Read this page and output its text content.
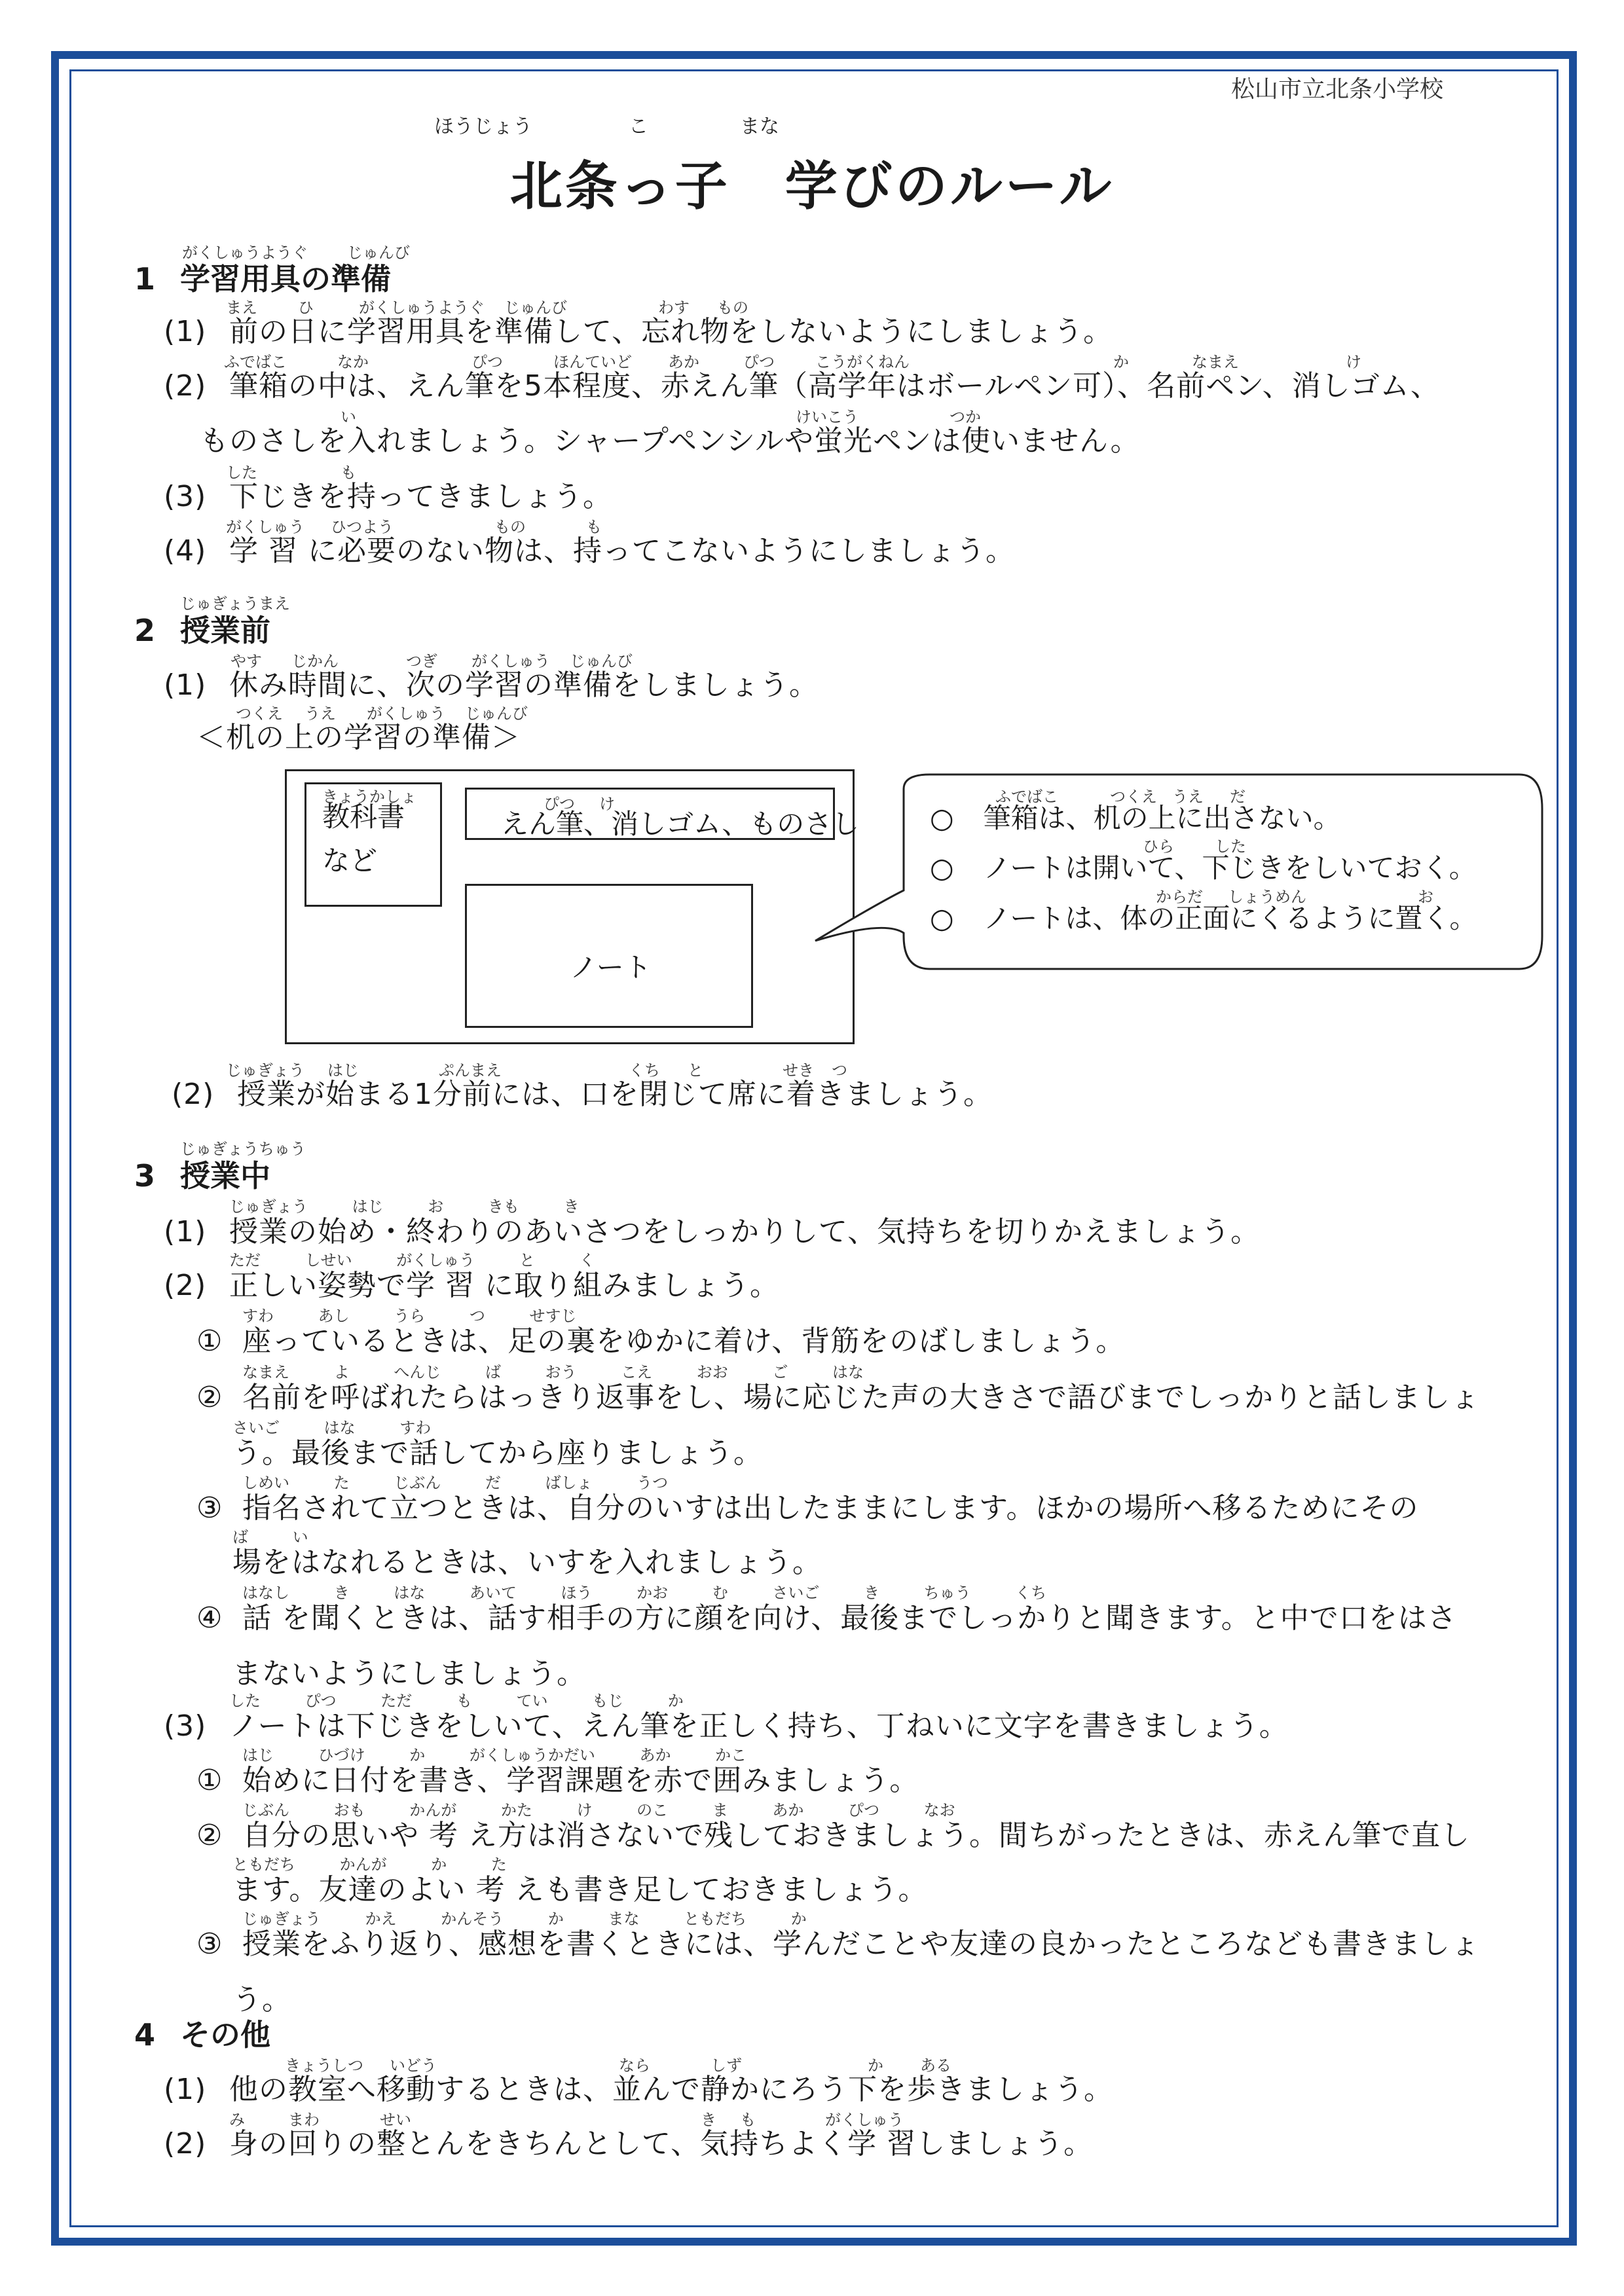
松山市立北条小学校
ほうじょう	こ	まな
北条っ子　学びのルール
がくしゅうようぐ	じゅんび
1 学習用具の準備
まえ	ひ	がくしゅうようぐ じゅんび	わす もの
(1) 前の日に学習用具を準備して、忘れ物をしないようにしましょう。
ふでばこ	なか	ぴつ	ほんていど あか	ぴつ	こうがくねん	か	なまえ	け
(2) 筆箱の中は、えん筆を5本程度、赤えん筆（高学年はボールペン可）、名前ペン、消しゴム、
い	けいこう	つか
ものさしを入れましょう。シャープペンシルや蛍光ペンは使いません。
した	も
(3) 下じきを持ってきましょう。
がくしゅう ひつよう	もの	も
(4) 学 習 に必要のない物は、持ってこないようにしましょう。
じゅぎょうまえ
2 授業前
やす じかん	つぎ がくしゅう じゅんび
(1) 休み時間に、次の学習の準備をしましょう。
つくえ うえ がくしゅう じゅんび
＜机の上の学習の準備＞
きょうかしょ
教科書
など
ぴつ け
えん筆、消しゴム、ものさし
ノート
ふでばこ	つくえ うえ だ
○ 筆箱は、机の上に出さない。
ひら	した
○ ノートは開いて、下じきをしいておく。
からだ しょうめん	お
○ ノートは、体の正面にくるように置く。
じゅぎょう はじ	ぷんまえ	くち と	せき つ
(2) 授業が始まる1分前には、口を閉じて席に着きましょう。
じゅぎょうちゅう
3 授業中
じゅぎょう はじ お きも き
(1) 授業の始め・終わりのあいさつをしっかりして、気持ちを切りかえましょう。
ただ しせい がくしゅう と く
(2) 正しい姿勢で学 習 に取り組みましょう。
すわ あし うら つ せすじ
① 座っているときは、足の裏をゆかに着け、背筋をのばしましょう。
なまえ よ へんじ ば おう こえ おお ご はな
② 名前を呼ばれたらはっきり返事をし、場に応じた声の大きさで語びまでしっかりと話しましょ
さいご はな すわ
う。最後まで話してから座りましょう。
しめい た じぶん だ ばしょ うつ
③ 指名されて立つときは、自分のいすは出したままにします。ほかの場所へ移るためにその
ば い
場をはなれるときは、いすを入れましょう。
はなし き はな あいて ほう かお む さいご き ちゅう くち
④ 話 を聞くときは、話す相手の方に顔を向け、最後までしっかりと聞きます。と中で口をはさ
まないようにしましょう。
した ぴつ ただ も てい もじ か
(3) ノートは下じきをしいて、えん筆を正しく持ち、丁ねいに文字を書きましょう。
はじ ひづけ か がくしゅうかだい あか かこ
① 始めに日付を書き、学習課題を赤で囲みましょう。
じぶん おも かんが かた け のこ ま あか ぴつ なお
② 自分の思いや 考 え方は消さないで残しておきましょう。間ちがったときは、赤えん筆で直し
ともだち かんが か た
ます。友達のよい 考 えも書き足しておきましょう。
じゅぎょう かえ かんそう か まな ともだち か
③ 授業をふり返り、感想を書くときには、学んだことや友達の良かったところなども書きましょ
う。
4 その他
きょうしつ いどう	なら	しず	か ある
(1) 他の教室へ移動するときは、並んで静かにろう下を歩きましょう。
み	まわ	せい	き も	がくしゅう
(2) 身の回りの整とんをきちんとして、気持ちよく学 習しましょう。
